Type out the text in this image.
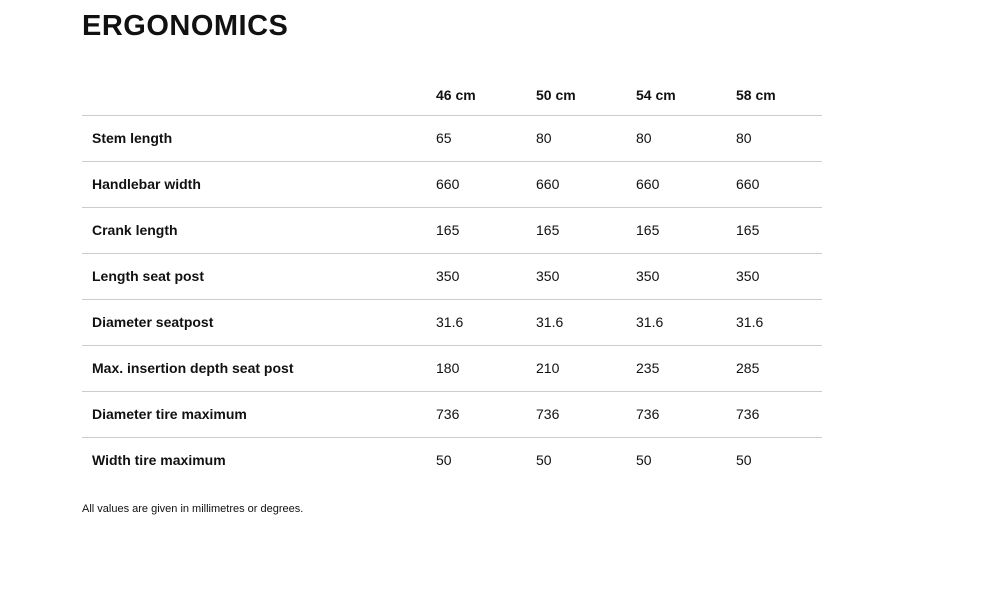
ERGONOMICS
	46 cm	50 cm	54 cm	58 cm
Stem length	65	80	80	80
Handlebar width	660	660	660	660
Crank length	165	165	165	165
Length seat post	350	350	350	350
Diameter seatpost	31.6	31.6	31.6	31.6
Max. insertion depth seat post	180	210	235	285
Diameter tire maximum	736	736	736	736
Width tire maximum	50	50	50	50

All values are given in millimetres or degrees.
